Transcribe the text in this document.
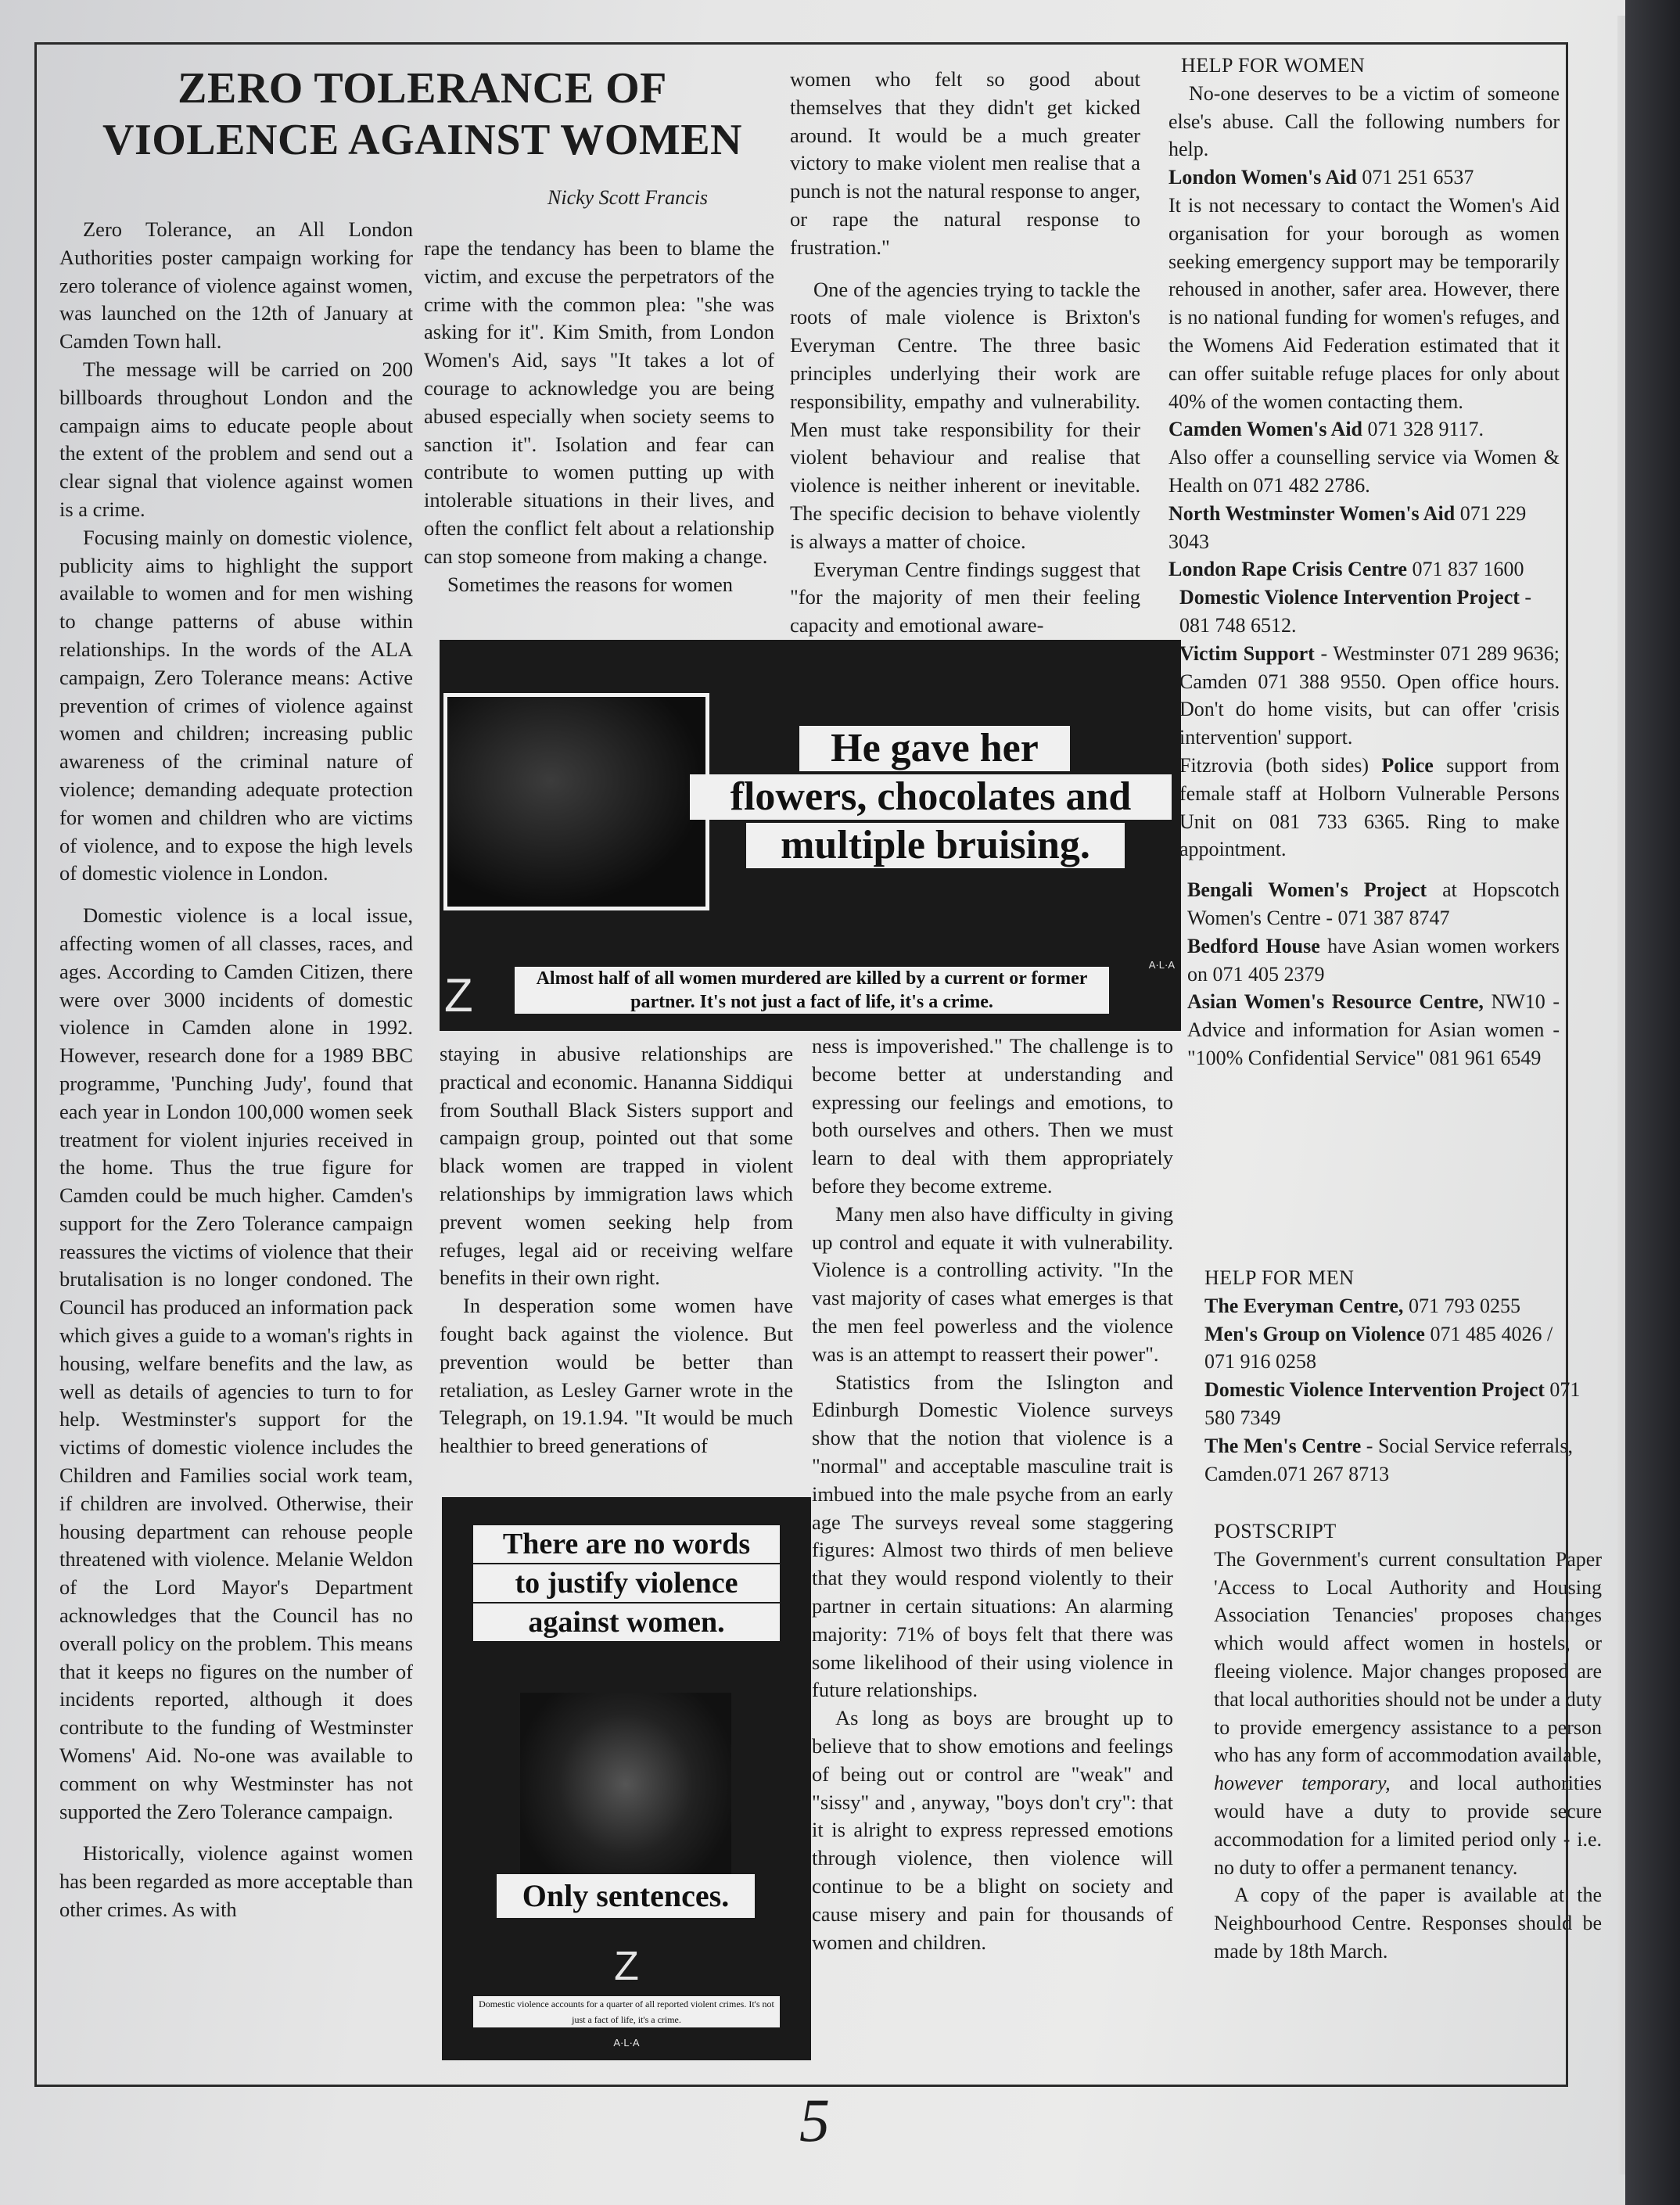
ZERO TOLERANCE OF
VIOLENCE AGAINST WOMEN
Nicky Scott Francis

Zero Tolerance, an All London Authorities poster campaign working for zero tolerance of violence against women, was launched on the 12th of January at Camden Town hall.

The message will be carried on 200 billboards throughout London and the campaign aims to educate people about the extent of the problem and send out a clear signal that violence against women is a crime.

Focusing mainly on domestic violence, publicity aims to highlight the support available to women and for men wishing to change patterns of abuse within relationships. In the words of the ALA campaign, Zero Tolerance means: Active prevention of crimes of violence against women and children; increasing public awareness of the criminal nature of violence; demanding adequate protection for women and children who are victims of violence, and to expose the high levels of domestic violence in London.

Domestic violence is a local issue, affecting women of all classes, races, and ages. According to Camden Citizen, there were over 3000 incidents of domestic violence in Camden alone in 1992. However, research done for a 1989 BBC programme, 'Punching Judy', found that each year in London 100,000 women seek treatment for violent injuries received in the home. Thus the true figure for Camden could be much higher. Camden's support for the Zero Tolerance campaign reassures the victims of violence that their brutalisation is no longer condoned. The Council has produced an information pack which gives a guide to a woman's rights in housing, welfare benefits and the law, as well as details of agencies to turn to for help. Westminster's support for the victims of domestic violence includes the Children and Families social work team, if children are involved. Otherwise, their housing department can rehouse people threatened with violence. Melanie Weldon of the Lord Mayor's Department acknowledges that the Council has no overall policy on the problem. This means that it keeps no figures on the number of incidents reported, although it does contribute to the funding of Westminster Womens' Aid. No-one was available to comment on why Westminster has not supported the Zero Tolerance campaign.

Historically, violence against women has been regarded as more acceptable than other crimes. As with

rape the tendancy has been to blame the victim, and excuse the perpetrators of the crime with the common plea: "she was asking for it". Kim Smith, from London Women's Aid, says "It takes a lot of courage to acknowledge you are being abused especially when society seems to sanction it". Isolation and fear can contribute to women putting up with intolerable situations in their lives, and often the conflict felt about a relationship can stop someone from making a change.

Sometimes the reasons for women

women who felt so good about themselves that they didn't get kicked around. It would be a much greater victory to make violent men realise that a punch is not the natural response to anger, or rape the natural response to frustration."

One of the agencies trying to tackle the roots of male violence is Brixton's Everyman Centre. The three basic principles underlying their work are responsibility, empathy and vulnerability. Men must take responsibility for their violent behaviour and realise that violence is neither inherent or inevitable. The specific decision to behave violently is always a matter of choice.

Everyman Centre findings suggest that "for the majority of men their feeling capacity and emotional aware-

He gave her
flowers, chocolates and
multiple bruising.
Z	Almost half of all women murdered are killed by a current or former partner. It's not just a fact of life, it's a crime.
A·L·A

staying in abusive relationships are practical and economic. Hananna Siddiqui from Southall Black Sisters support and campaign group, pointed out that some black women are trapped in violent relationships by immigration laws which prevent women seeking help from refuges, legal aid or receiving welfare benefits in their own right.

In desperation some women have fought back against the violence. But prevention would be better than retaliation, as Lesley Garner wrote in the Telegraph, on 19.1.94. "It would be much healthier to breed generations of

There are no words
to justify violence
against women.
Only sentences.
Z
Domestic violence accounts for a quarter of all reported violent crimes. It's not just a fact of life, it's a crime.
A·L·A

ness is impoverished." The challenge is to become better at understanding and expressing our feelings and emotions, to both ourselves and others. Then we must learn to deal with them appropriately before they become extreme.

Many men also have difficulty in giving up control and equate it with vulnerability. Violence is a controlling activity. "In the vast majority of cases what emerges is that the men feel powerless and the violence was is an attempt to reassert their power".

Statistics from the Islington and Edinburgh Domestic Violence surveys show that the notion that violence is a "normal" and acceptable masculine trait is imbued into the male psyche from an early age The surveys reveal some staggering figures: Almost two thirds of men believe that they would respond violently to their partner in certain situations: An alarming majority: 71% of boys felt that there was some likelihood of their using violence in future relationships.

As long as boys are brought up to believe that to show emotions and feelings of being out or control are "weak" and "sissy" and , anyway, "boys don't cry": that it is alright to express repressed emotions through violence, then violence will continue to be a blight on society and cause misery and pain for thousands of women and children.

HELP FOR WOMEN

No-one deserves to be a victim of someone else's abuse. Call the following numbers for help.

London Women's Aid 071 251 6537

It is not necessary to contact the Women's Aid organisation for your borough as women seeking emergency support may be temporarily rehoused in another, safer area. However, there is no national funding for women's refuges, and the Womens Aid Federation estimated that it can offer suitable refuge places for only about 40% of the women contacting them.

Camden Women's Aid 071 328 9117.

Also offer a counselling service via Women & Health on 071 482 2786.

North Westminster Women's Aid 071 229 3043

London Rape Crisis Centre 071 837 1600

Domestic Violence Intervention Project - 081 748 6512.

Victim Support - Westminster 071 289 9636; Camden 071 388 9550. Open office hours. Don't do home visits, but can offer 'crisis intervention' support.

Fitzrovia (both sides) Police support from female staff at Holborn Vulnerable Persons Unit on 081 733 6365. Ring to make appointment.

Bengali Women's Project at Hopscotch Women's Centre - 071 387 8747

Bedford House have Asian women workers on 071 405 2379

Asian Women's Resource Centre, NW10 - Advice and information for Asian women - "100% Confidential Service" 081 961 6549

HELP FOR MEN

The Everyman Centre, 071 793 0255

Men's Group on Violence 071 485 4026 / 071 916 0258

Domestic Violence Intervention Project 071 580 7349

The Men's Centre - Social Service referrals, Camden.071 267 8713

POSTSCRIPT

The Government's current consultation Paper 'Access to Local Authority and Housing Association Tenancies' proposes changes which would affect women in hostels, or fleeing violence. Major changes proposed are that local authorities should not be under a duty to provide emergency assistance to a person who has any form of accommodation available, however temporary, and local authorities would have a duty to provide secure accommodation for a limited period only - i.e. no duty to offer a permanent tenancy.

A copy of the paper is available at the Neighbourhood Centre. Responses should be made by 18th March.

5
